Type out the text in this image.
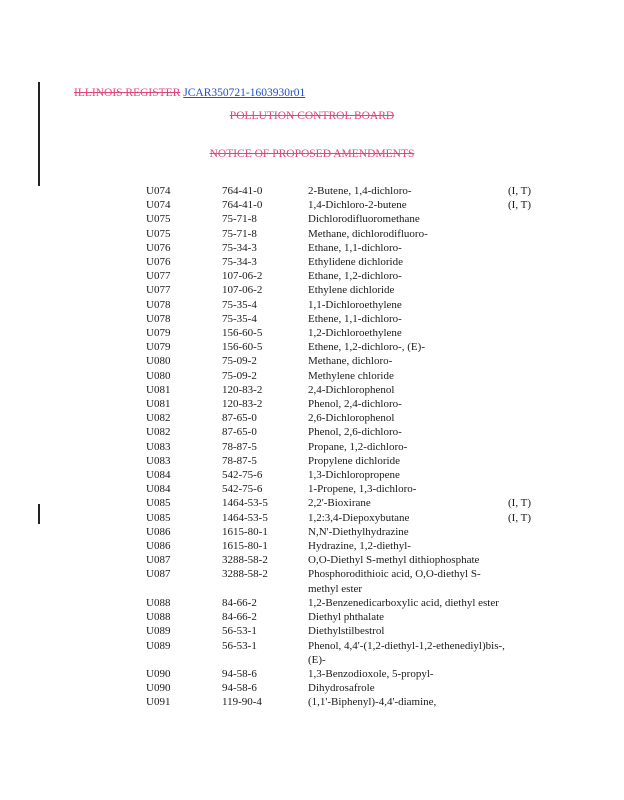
ILLINOIS REGISTER JCAR350721-1603930r01
POLLUTION CONTROL BOARD
NOTICE OF PROPOSED AMENDMENTS
U074	764-41-0	2-Butene, 1,4-dichloro-	(I, T)
U074	764-41-0	1,4-Dichloro-2-butene	(I, T)
U075	75-71-8	Dichlorodifluoromethane	
U075	75-71-8	Methane, dichlorodifluoro-	
U076	75-34-3	Ethane, 1,1-dichloro-	
U076	75-34-3	Ethylidene dichloride	
U077	107-06-2	Ethane, 1,2-dichloro-	
U077	107-06-2	Ethylene dichloride	
U078	75-35-4	1,1-Dichloroethylene	
U078	75-35-4	Ethene, 1,1-dichloro-	
U079	156-60-5	1,2-Dichloroethylene	
U079	156-60-5	Ethene, 1,2-dichloro-, (E)-	
U080	75-09-2	Methane, dichloro-	
U080	75-09-2	Methylene chloride	
U081	120-83-2	2,4-Dichlorophenol	
U081	120-83-2	Phenol, 2,4-dichloro-	
U082	87-65-0	2,6-Dichlorophenol	
U082	87-65-0	Phenol, 2,6-dichloro-	
U083	78-87-5	Propane, 1,2-dichloro-	
U083	78-87-5	Propylene dichloride	
U084	542-75-6	1,3-Dichloropropene	
U084	542-75-6	1-Propene, 1,3-dichloro-	
U085	1464-53-5	2,2'-Bioxirane	(I, T)
U085	1464-53-5	1,2:3,4-Diepoxybutane	(I, T)
U086	1615-80-1	N,N'-Diethylhydrazine	
U086	1615-80-1	Hydrazine, 1,2-diethyl-	
U087	3288-58-2	O,O-Diethyl S-methyl dithiophosphate	
U087	3288-58-2	Phosphorodithioic acid, O,O-diethyl S-methyl ester	
U088	84-66-2	1,2-Benzenedicarboxylic acid, diethyl ester	
U088	84-66-2	Diethyl phthalate	
U089	56-53-1	Diethylstilbestrol	
U089	56-53-1	Phenol, 4,4'-(1,2-diethyl-1,2-ethenediyl)bis-, (E)-	
U090	94-58-6	1,3-Benzodioxole, 5-propyl-	
U090	94-58-6	Dihydrosafrole	
U091	119-90-4	(1,1'-Biphenyl)-4,4'-diamine,	
